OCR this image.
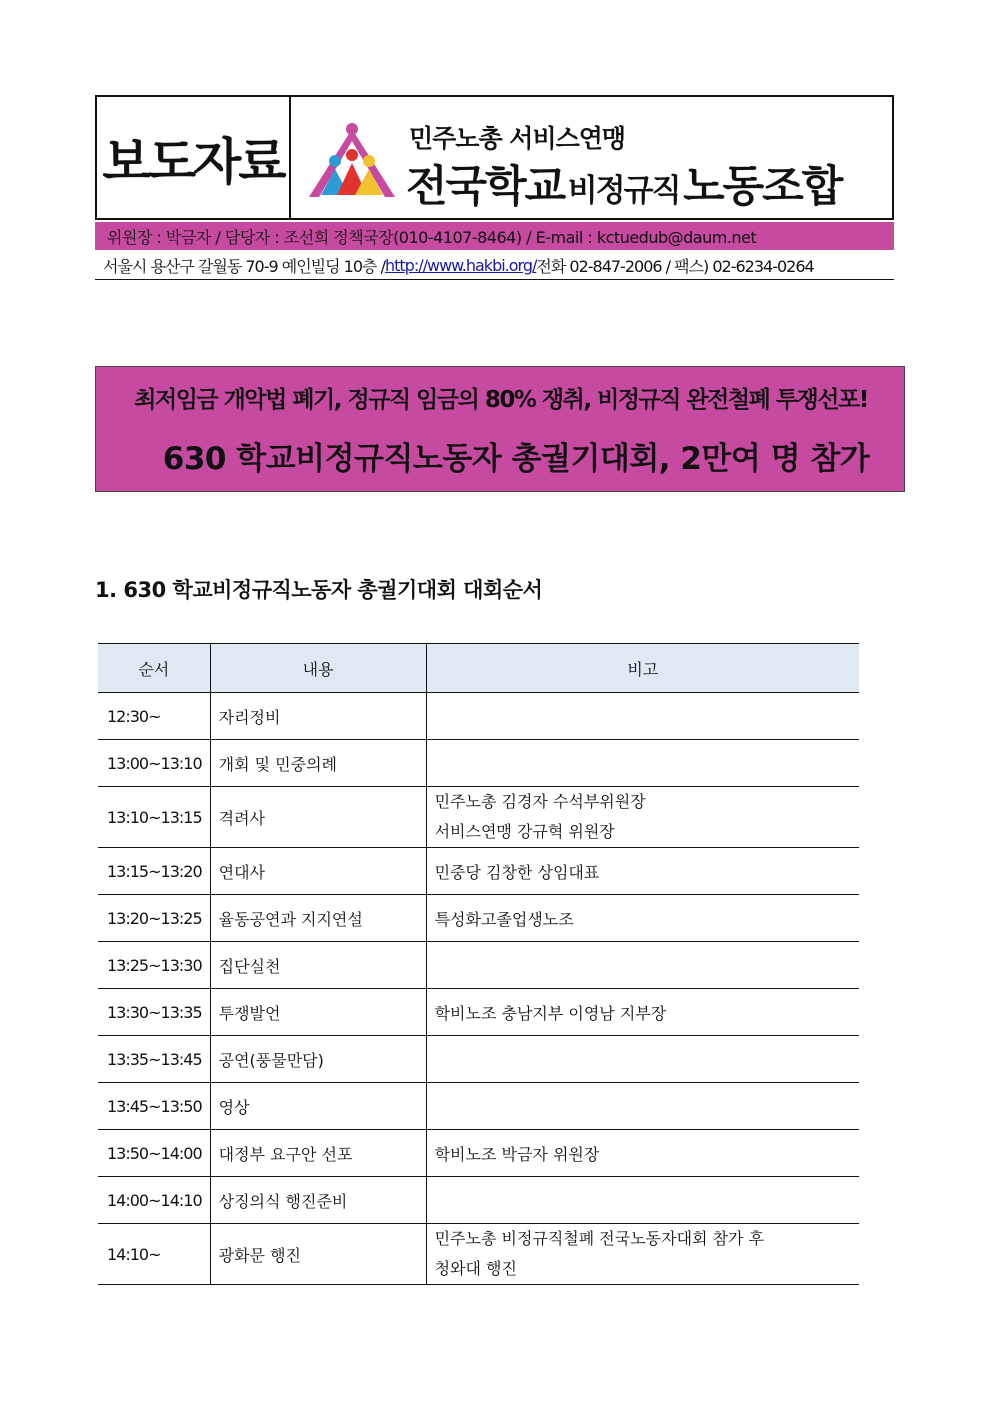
보도자료	민주노총 서비스연맹
전국학교 비정규직 노동조합
위원장 : 박금자 / 담당자 : 조선희 정책국장(010-4107-8464) / E-mail : kctuedub@daum.net
서울시 용산구 갈월동 70-9 예인빌딩 10층 / http://www.hakbi.org/ 전화 02-847-2006 / 팩스) 02-6234-0264
최저임금 개악법 폐기, 정규직 임금의 80% 쟁취, 비정규직 완전철폐 투쟁선포!
630 학교비정규직노동자 총궐기대회, 2만여 명 참가
1. 630 학교비정규직노동자 총궐기대회 대회순서
순서	내용	비고
12:30~	자리정비	
13:00~13:10	개회 및 민중의례	
13:10~13:15	격려사	민주노총 김경자 수석부위원장
서비스연맹 강규혁 위원장

13:15~13:20	연대사	민중당 김창한 상임대표
13:20~13:25	율동공연과 지지연설	특성화고졸업생노조
13:25~13:30	집단실천	
13:30~13:35	투쟁발언	학비노조 충남지부 이영남 지부장
13:35~13:45	공연(풍물만담)	
13:45~13:50	영상	
13:50~14:00	대정부 요구안 선포	학비노조 박금자 위원장
14:00~14:10	상징의식 행진준비	
14:10~	광화문 행진	민주노총 비정규직철폐 전국노동자대회 참가 후
청와대 행진
